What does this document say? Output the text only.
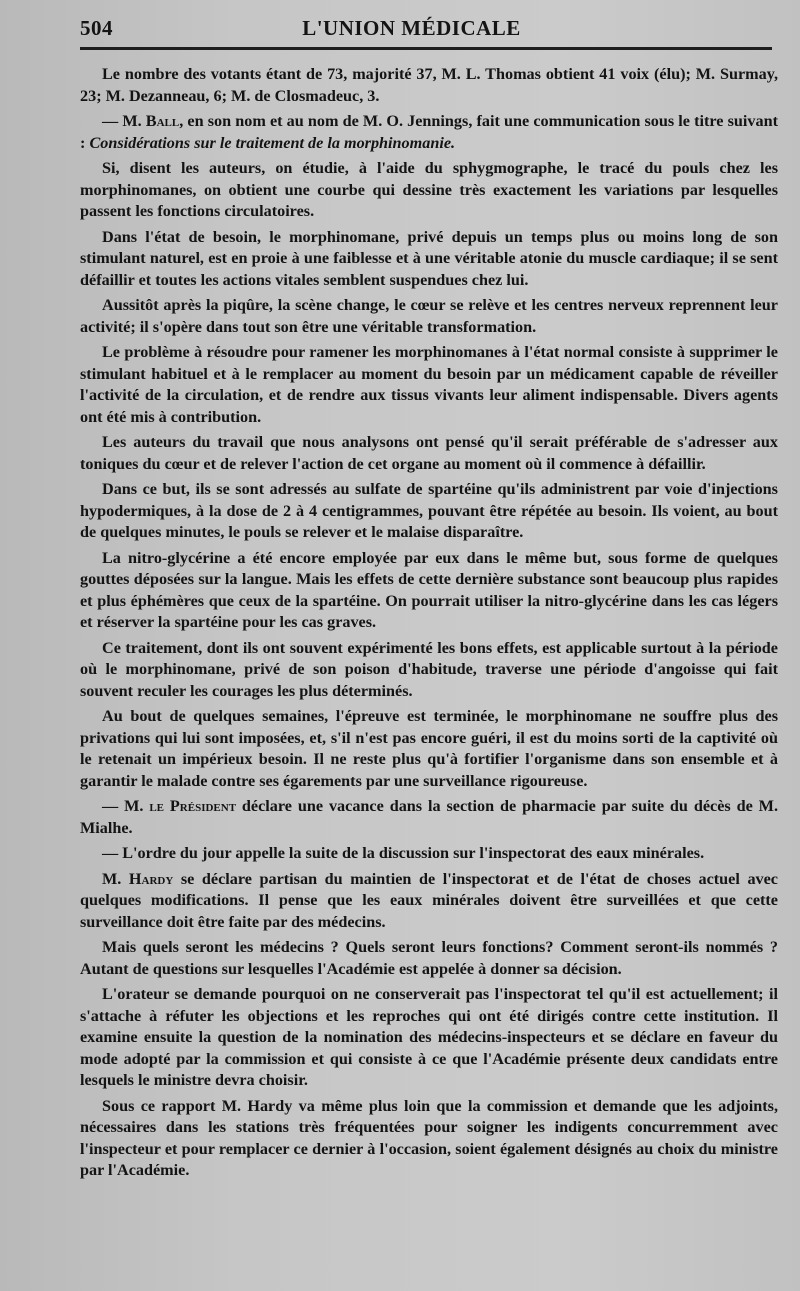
504	L'UNION MÉDICALE

Le nombre des votants étant de 73, majorité 37, M. L. Thomas obtient 41 voix (élu); M. Surmay, 23; M. Dezanneau, 6; M. de Closmadeuc, 3.

— M. Ball, en son nom et au nom de M. O. Jennings, fait une communication sous le titre suivant : Considérations sur le traitement de la morphinomanie.

Si, disent les auteurs, on étudie, à l'aide du sphygmographe, le tracé du pouls chez les morphinomanes, on obtient une courbe qui dessine très exactement les variations par lesquelles passent les fonctions circulatoires.

Dans l'état de besoin, le morphinomane, privé depuis un temps plus ou moins long de son stimulant naturel, est en proie à une faiblesse et à une véritable atonie du muscle cardiaque; il se sent défaillir et toutes les actions vitales semblent suspendues chez lui.

Aussitôt après la piqûre, la scène change, le cœur se relève et les centres nerveux reprennent leur activité; il s'opère dans tout son être une véritable transformation.

Le problème à résoudre pour ramener les morphinomanes à l'état normal consiste à supprimer le stimulant habituel et à le remplacer au moment du besoin par un médicament capable de réveiller l'activité de la circulation, et de rendre aux tissus vivants leur aliment indispensable. Divers agents ont été mis à contribution.

Les auteurs du travail que nous analysons ont pensé qu'il serait préférable de s'adresser aux toniques du cœur et de relever l'action de cet organe au moment où il commence à défaillir.

Dans ce but, ils se sont adressés au sulfate de spartéine qu'ils administrent par voie d'injections hypodermiques, à la dose de 2 à 4 centigrammes, pouvant être répétée au besoin. Ils voient, au bout de quelques minutes, le pouls se relever et le malaise disparaître.

La nitro-glycérine a été encore employée par eux dans le même but, sous forme de quelques gouttes déposées sur la langue. Mais les effets de cette dernière substance sont beaucoup plus rapides et plus éphémères que ceux de la spartéine. On pourrait utiliser la nitro-glycérine dans les cas légers et réserver la spartéine pour les cas graves.

Ce traitement, dont ils ont souvent expérimenté les bons effets, est applicable surtout à la période où le morphinomane, privé de son poison d'habitude, traverse une période d'angoisse qui fait souvent reculer les courages les plus déterminés.

Au bout de quelques semaines, l'épreuve est terminée, le morphinomane ne souffre plus des privations qui lui sont imposées, et, s'il n'est pas encore guéri, il est du moins sorti de la captivité où le retenait un impérieux besoin. Il ne reste plus qu'à fortifier l'organisme dans son ensemble et à garantir le malade contre ses égarements par une surveillance rigoureuse.

— M. le Président déclare une vacance dans la section de pharmacie par suite du décès de M. Mialhe.

— L'ordre du jour appelle la suite de la discussion sur l'inspectorat des eaux minérales.

M. Hardy se déclare partisan du maintien de l'inspectorat et de l'état de choses actuel avec quelques modifications. Il pense que les eaux minérales doivent être surveillées et que cette surveillance doit être faite par des médecins.

Mais quels seront les médecins ? Quels seront leurs fonctions? Comment seront-ils nommés ? Autant de questions sur lesquelles l'Académie est appelée à donner sa décision.

L'orateur se demande pourquoi on ne conserverait pas l'inspectorat tel qu'il est actuellement; il s'attache à réfuter les objections et les reproches qui ont été dirigés contre cette institution. Il examine ensuite la question de la nomination des médecins-inspecteurs et se déclare en faveur du mode adopté par la commission et qui consiste à ce que l'Académie présente deux candidats entre lesquels le ministre devra choisir.

Sous ce rapport M. Hardy va même plus loin que la commission et demande que les adjoints, nécessaires dans les stations très fréquentées pour soigner les indigents concurremment avec l'inspecteur et pour remplacer ce dernier à l'occasion, soient également désignés au choix du ministre par l'Académie.
